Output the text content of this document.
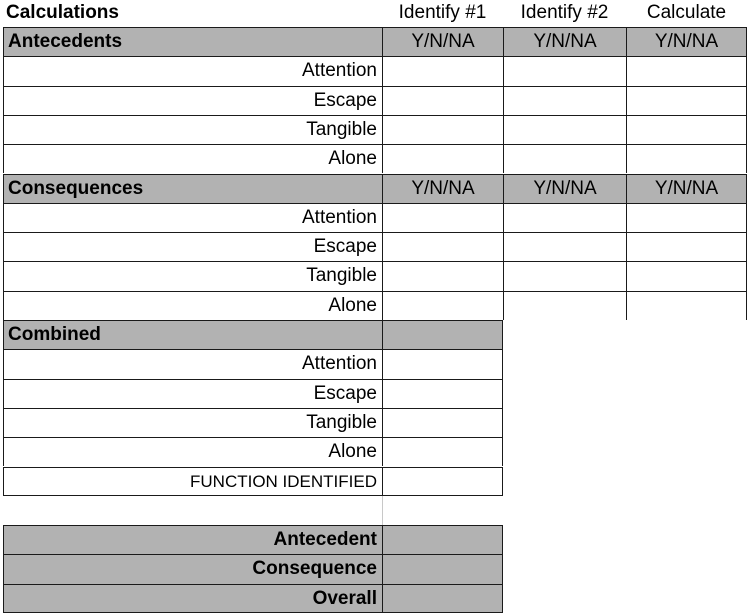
Calculations	Identify #1	Identify #2	Calculate
Antecedents	Y/N/NA	Y/N/NA	Y/N/NA
Attention
Escape
Tangible
Alone
Consequences	Y/N/NA	Y/N/NA	Y/N/NA
Attention
Escape
Tangible
Alone
Combined
Attention
Escape
Tangible
Alone
FUNCTION IDENTIFIED
Antecedent
Consequence
Overall
